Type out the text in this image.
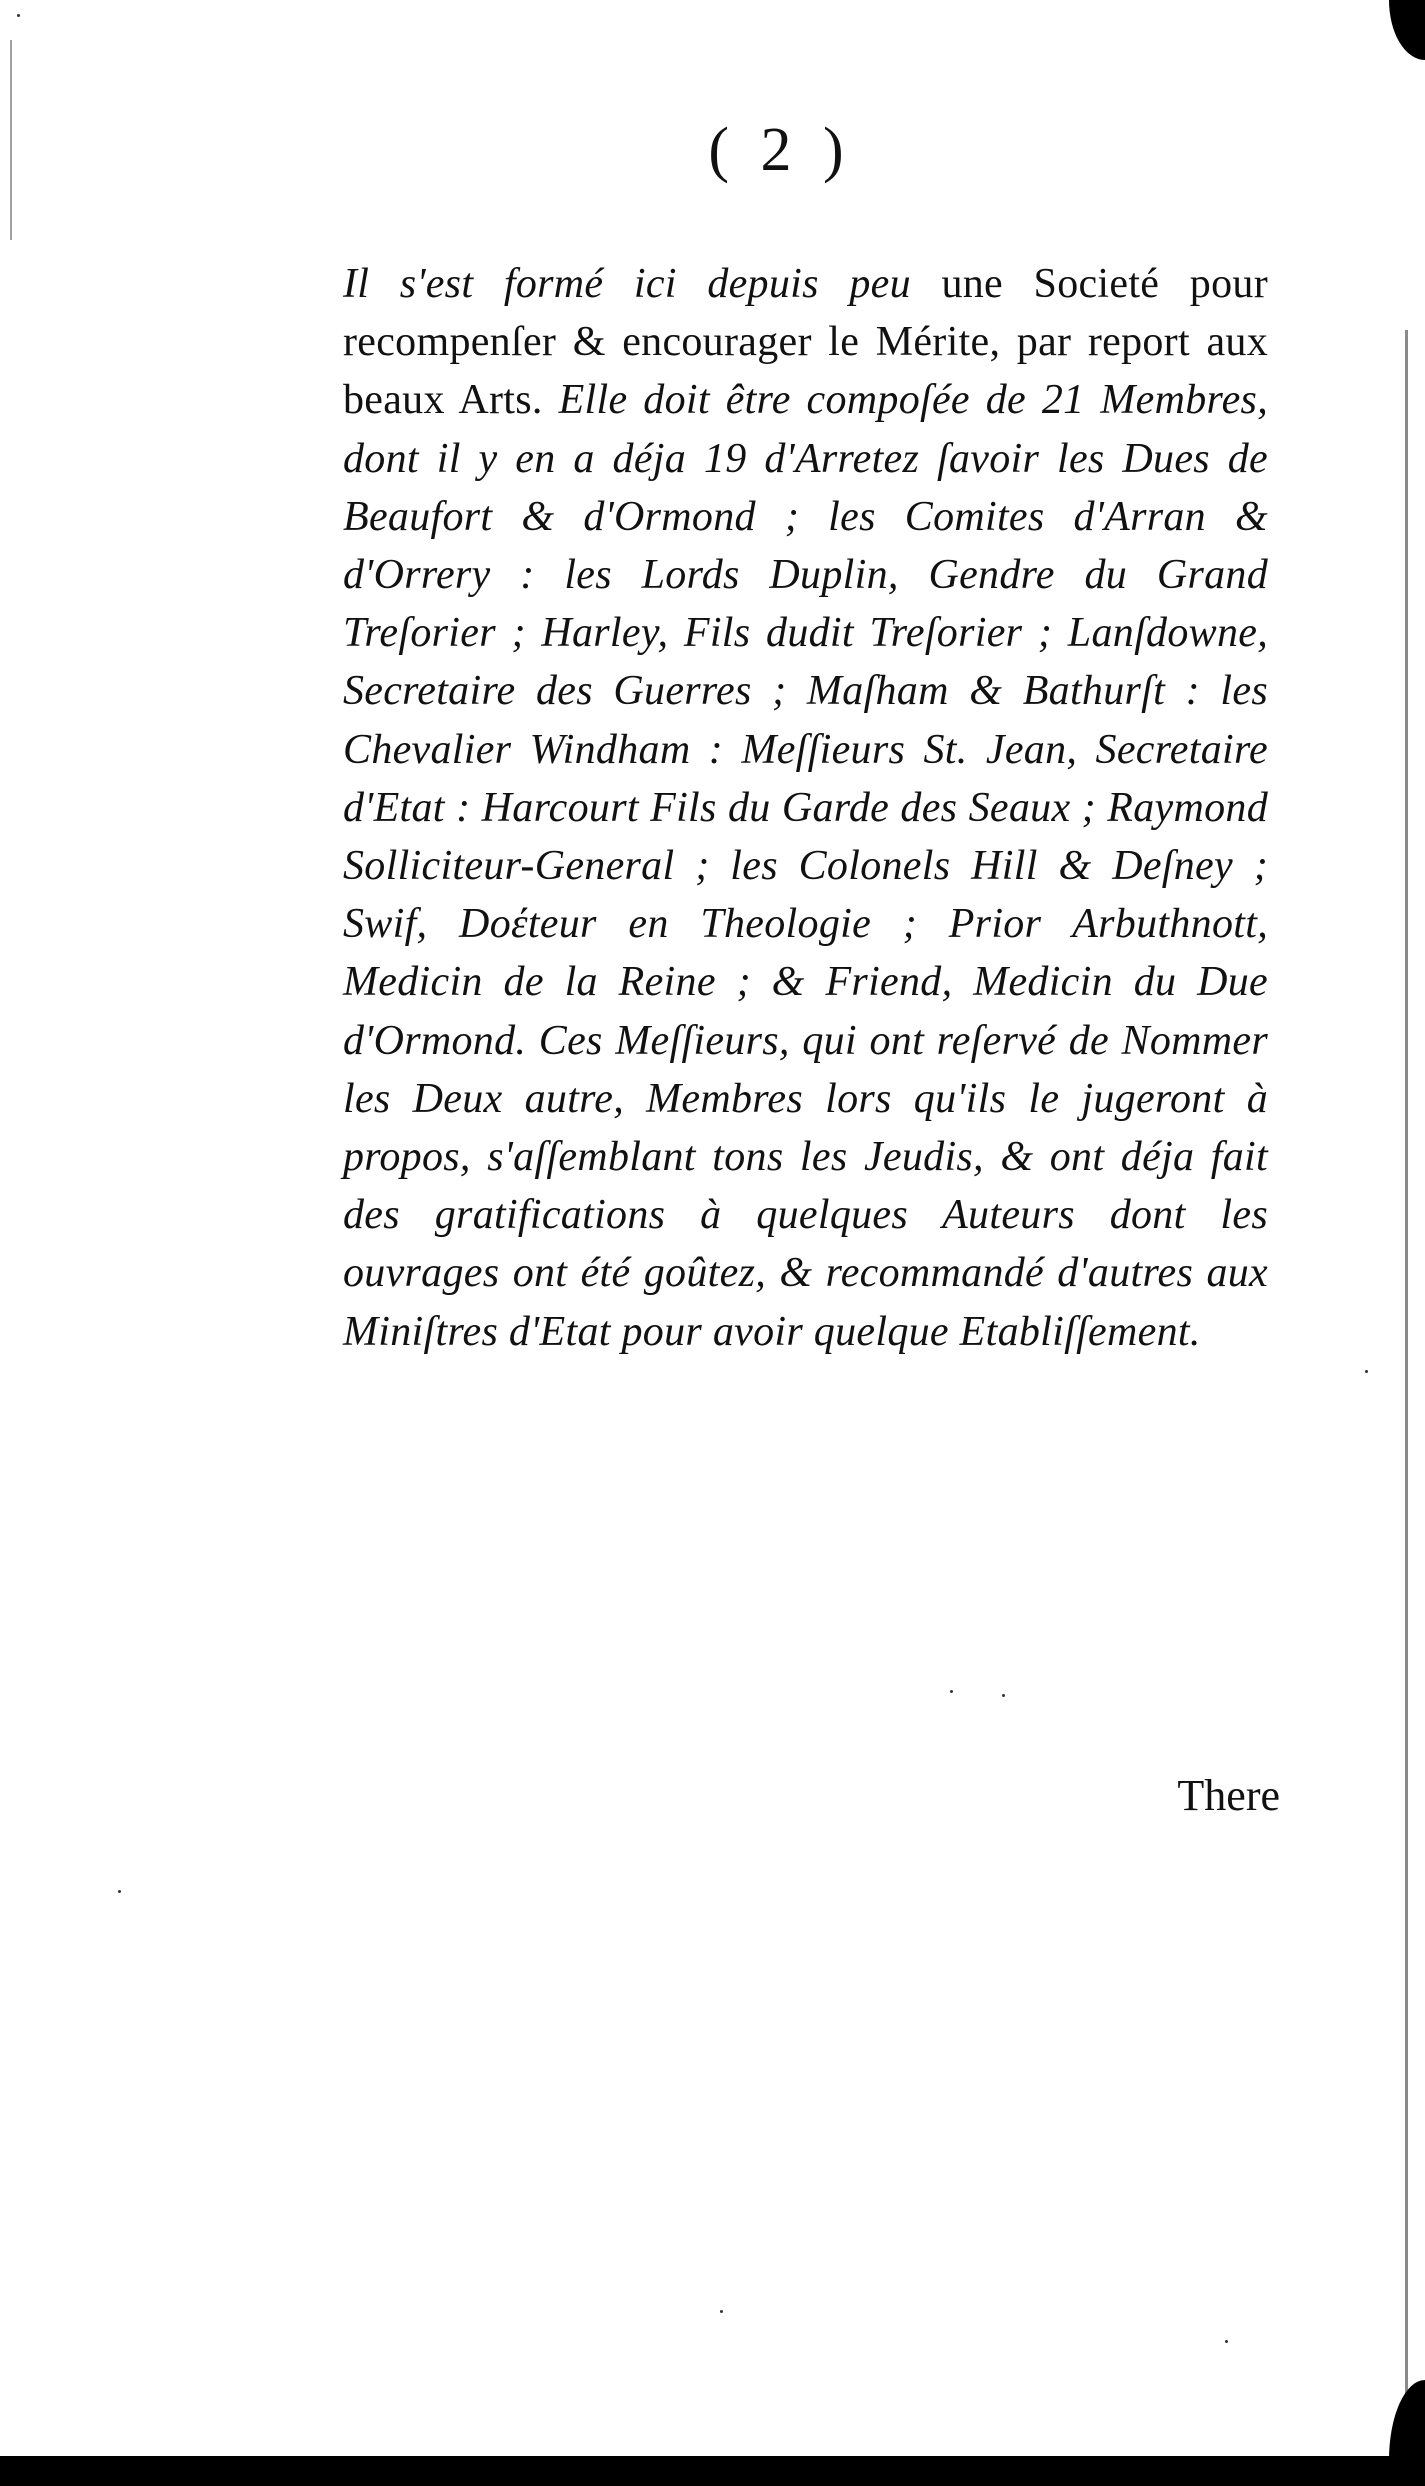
( 2 )

Il s'est formé ici depuis peu une Societé pour recompenſer & encourager le Mérite, par report aux beaux Arts. Elle doit être compoſée de 21 Membres, dont il y en a déja 19 d'Arretez ſavoir les Dues de Beaufort & d'Ormond ; les Comites d'Arran & d'Orrery : les Lords Duplin, Gendre du Grand Treſorier ; Harley, Fils dudit Treſorier ; Lanſdowne, Secretaire des Guerres ; Maſham & Bathurſt : les Chevalier Windham : Meſſieurs St. Jean, Secretaire d'Etat : Harcourt Fils du Garde des Seaux ; Raymond Solliciteur-General ; les Colonels Hill & Deſney ; Swif, Doέteur en Theologie ; Prior Arbuthnott, Medicin de la Reine ; & Friend, Medicin du Due d'Ormond. Ces Meſſieurs, qui ont reſervé de Nommer les Deux autre, Membres lors qu'ils le jugeront à propos, s'aſſemblant tons les Jeudis, & ont déja fait des gratifications à quelques Auteurs dont les ouvrages ont été goûtez, & recommandé d'autres aux Miniſtres d'Etat pour avoir quelque Etabliſſement.

There
